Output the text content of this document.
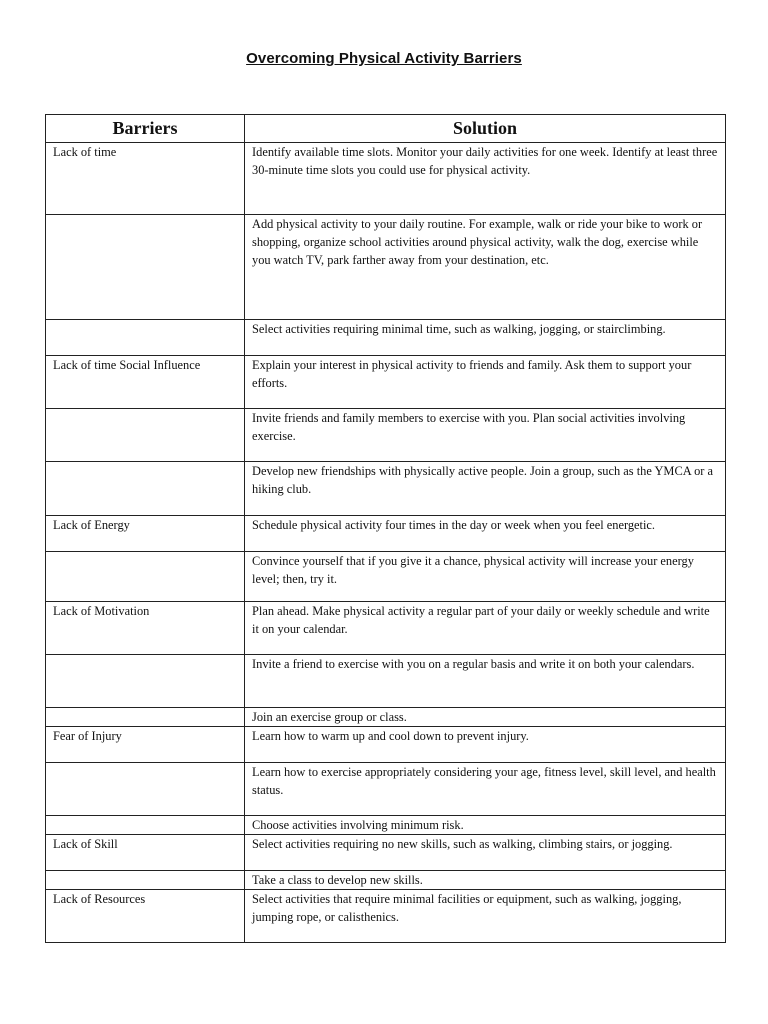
Overcoming Physical Activity Barriers
Barriers	Solution
Lack of time	Identify available time slots. Monitor your daily activities for one week. Identify at least three 30-minute time slots you could use for physical activity.
	Add physical activity to your daily routine. For example, walk or ride your bike to work or shopping, organize school activities around physical activity, walk the dog, exercise while you watch TV, park farther away from your destination, etc.
	Select activities requiring minimal time, such as walking, jogging, or stairclimbing.
Lack of time Social Influence	Explain your interest in physical activity to friends and family. Ask them to support your efforts.
	Invite friends and family members to exercise with you. Plan social activities involving exercise.
	Develop new friendships with physically active people. Join a group, such as the YMCA or a hiking club.
Lack of Energy	Schedule physical activity four times in the day or week when you feel energetic.
	Convince yourself that if you give it a chance, physical activity will increase your energy level; then, try it.
Lack of Motivation	Plan ahead. Make physical activity a regular part of your daily or weekly schedule and write it on your calendar.
	Invite a friend to exercise with you on a regular basis and write it on both your calendars.
	Join an exercise group or class.
Fear of Injury	Learn how to warm up and cool down to prevent injury.
	Learn how to exercise appropriately considering your age, fitness level, skill level, and health status.
	Choose activities involving minimum risk.
Lack of Skill	Select activities requiring no new skills, such as walking, climbing stairs, or jogging.
	Take a class to develop new skills.
Lack of Resources	Select activities that require minimal facilities or equipment, such as walking, jogging, jumping rope, or calisthenics.
